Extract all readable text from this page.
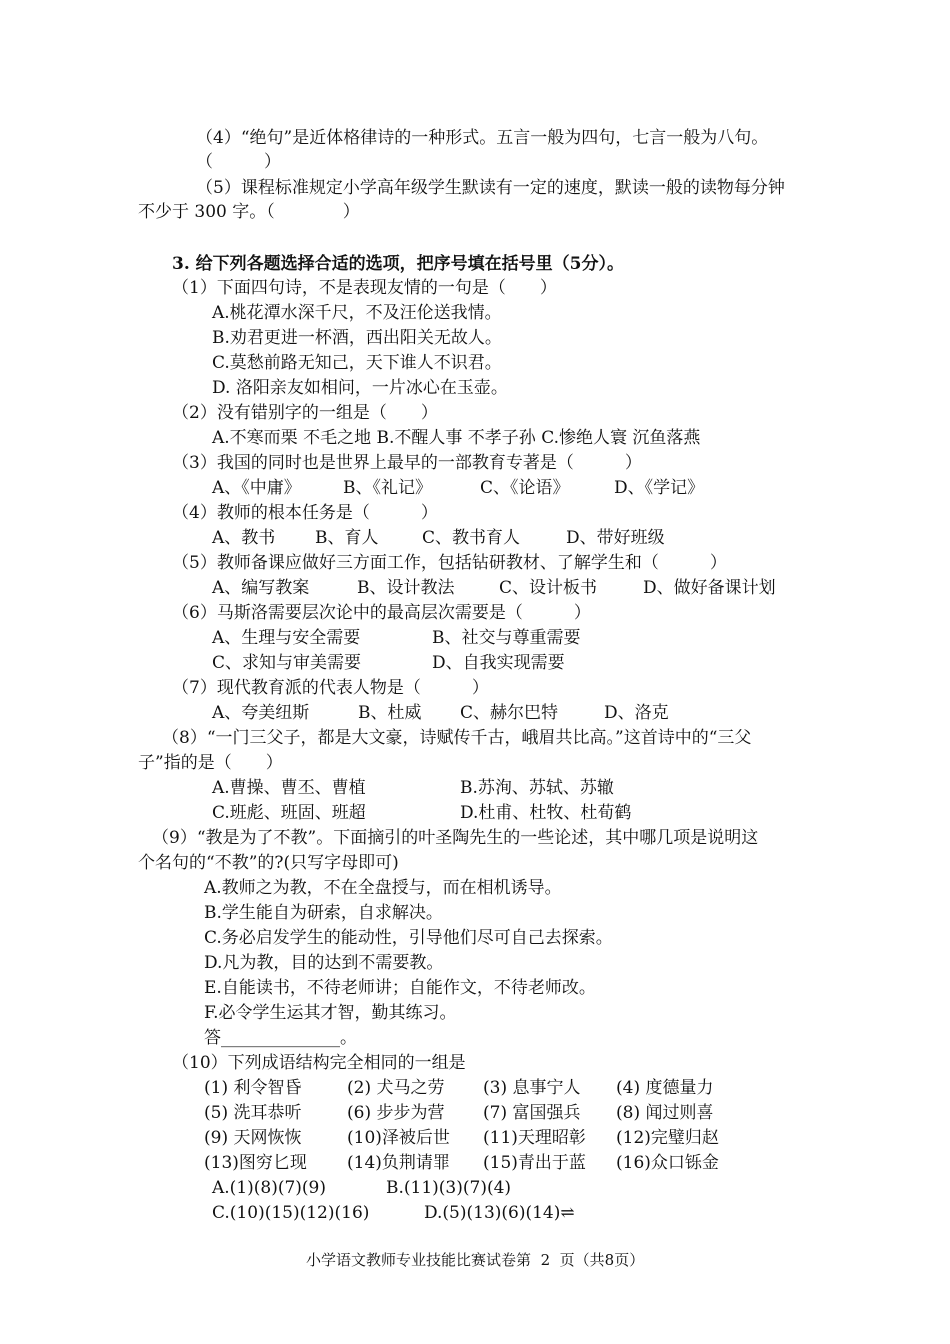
（4）“绝句”是近体格律诗的一种形式。五言一般为四句，七言一般为八句。
（　　　）
（5）课程标准规定小学高年级学生默读有一定的速度，默读一般的读物每分钟
不少于 300 字。（　　　　）
3. 给下列各题选择合适的选项，把序号填在括号里（5分）。
（1）下面四句诗，不是表现友情的一句是（　　）
A.桃花潭水深千尺，不及汪伦送我情。
B.劝君更进一杯酒，西出阳关无故人。
C.莫愁前路无知己，天下谁人不识君。
D. 洛阳亲友如相问，一片冰心在玉壶。
（2）没有错别字的一组是（　　）
A.不寒而栗 不毛之地 B.不醒人事 不孝子孙 C.惨绝人寰 沉鱼落燕
（3）我国的同时也是世界上最早的一部教育专著是（　　　）
A、《中庸》 B、《礼记》	C、《论语》	D、《学记》
（4）教师的根本任务是（　　　）
A、教书 B、育人	C、教书育人	D、带好班级
（5）教师备课应做好三方面工作，包括钻研教材、了解学生和（　　　）
A、编写教案	B、设计教法	C、设计板书	D、做好备课计划
（6）马斯洛需要层次论中的最高层次需要是（　　　）
A、生理与安全需要	B、社交与尊重需要
C、求知与审美需要	D、自我实现需要
（7）现代教育派的代表人物是（　　　）
A、夸美纽斯	B、杜威 C、赫尔巴特	D、洛克
（8）“一门三父子，都是大文豪，诗赋传千古，峨眉共比高。”这首诗中的“三父
子”指的是（　　）
A.曹操、曹丕、曹植	B.苏洵、苏轼、苏辙
C.班彪、班固、班超	D.杜甫、杜牧、杜荀鹤
（9）“教是为了不教”。下面摘引的叶圣陶先生的一些论述，其中哪几项是说明这
个名句的“不教”的?(只写字母即可)
A.教师之为教，不在全盘授与，而在相机诱导。
B.学生能自为研索，自求解决。
C.务必启发学生的能动性，引导他们尽可自己去探索。
D.凡为教，目的达到不需要教。
E.自能读书，不待老师讲；自能作文，不待老师改。
F.必令学生运其才智，勤其练习。
答______________。
（10）下列成语结构完全相同的一组是
(1) 利令智昏	(2) 犬马之劳 (3) 息事宁人 (4) 度德量力
(5) 洗耳恭听	(6) 步步为营 (7) 富国强兵 (8) 闻过则喜
(9) 天网恢恢	(10)泽被后世 (11)天理昭彰 (12)完璧归赵
(13)图穷匕现 (14)负荆请罪 (15)青出于蓝 (16)众口铄金
A.(1)(8)(7)(9)	B.(11)(3)(7)(4)
C.(10)(15)(12)(16)	D.(5)(13)(6)(14)⇌
小学语文教师专业技能比赛试卷第 2 页（共8页）
